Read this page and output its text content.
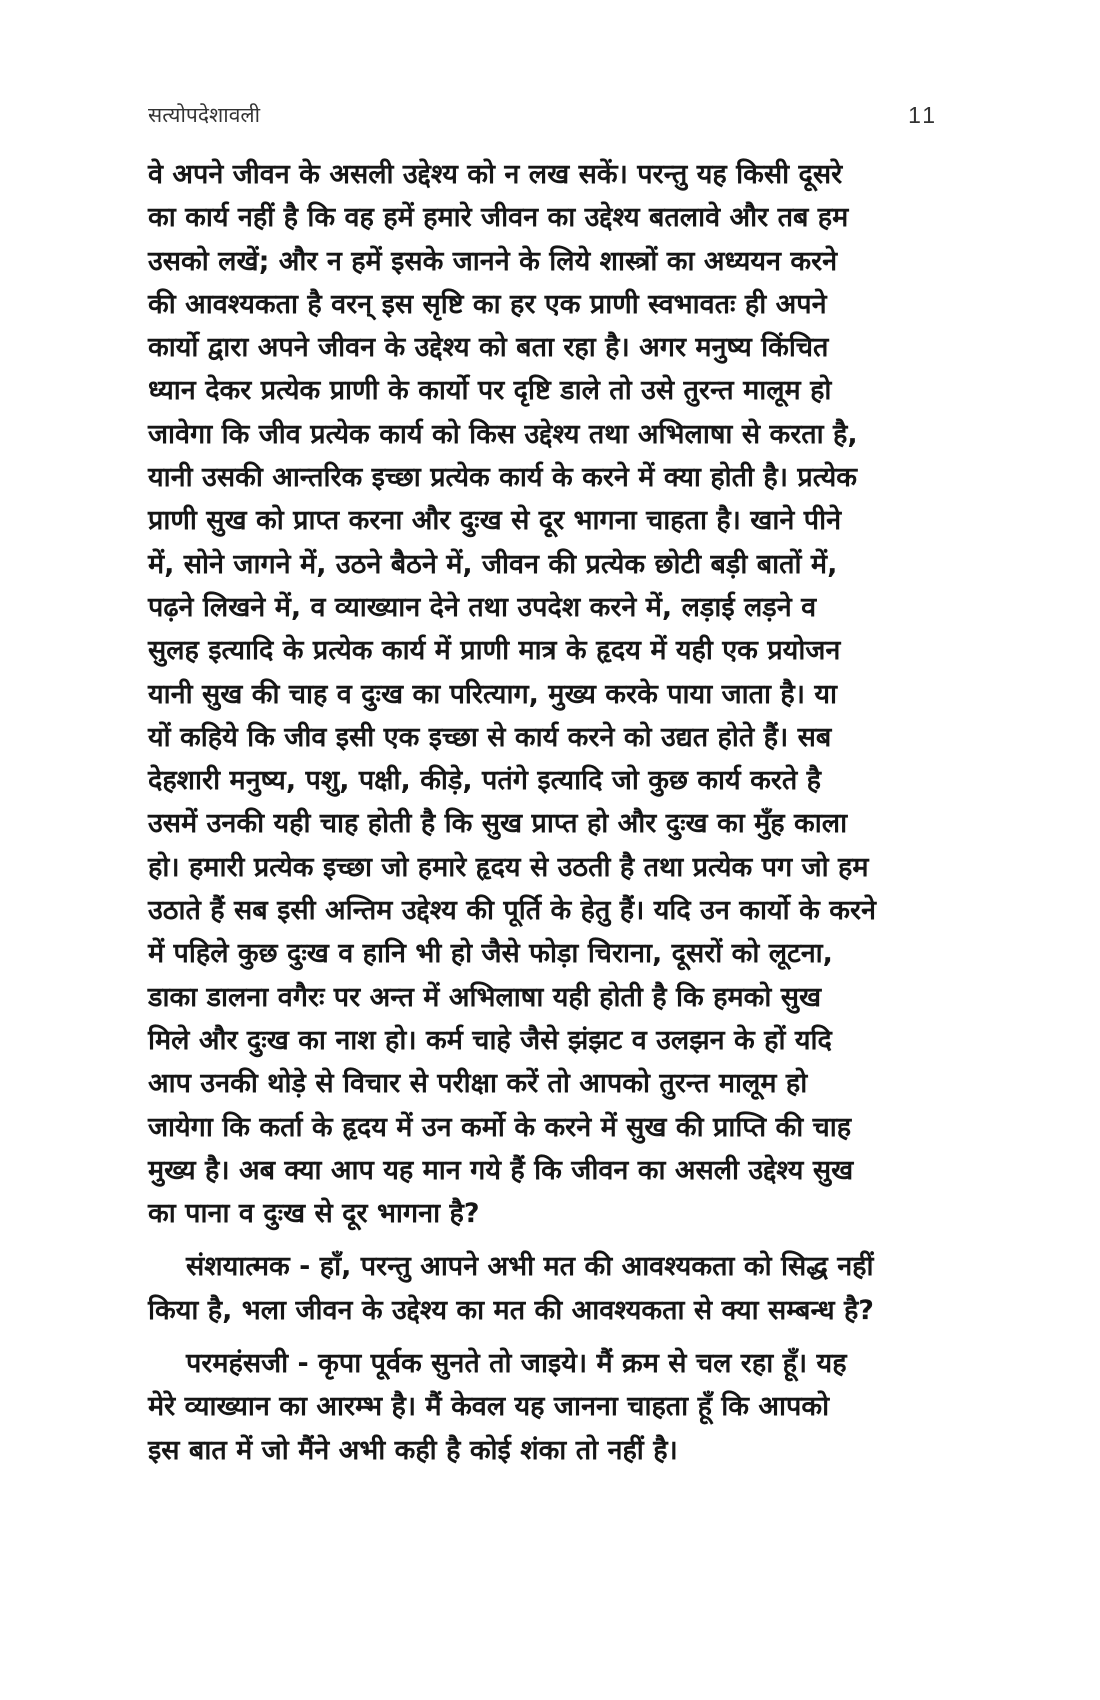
सत्योपदेशावली	11

वे अपने जीवन के असली उद्देश्य को न लख सकें। परन्तु यह किसी दूसरे
का कार्य नहीं है कि वह हमें हमारे जीवन का उद्देश्य बतलावे और तब हम
उसको लखें; और न हमें इसके जानने के लिये शास्त्रों का अध्ययन करने
की आवश्यकता है वरन् इस सृष्टि का हर एक प्राणी स्वभावतः ही अपने
कार्यो द्वारा अपने जीवन के उद्देश्य को बता रहा है। अगर मनुष्य किंचित
ध्यान देकर प्रत्येक प्राणी के कार्यो पर दृष्टि डाले तो उसे तुरन्त मालूम हो
जावेगा कि जीव प्रत्येक कार्य को किस उद्देश्य तथा अभिलाषा से करता है,
यानी उसकी आन्तरिक इच्छा प्रत्येक कार्य के करने में क्या होती है। प्रत्येक
प्राणी सुख को प्राप्त करना और दुःख से दूर भागना चाहता है। खाने पीने
में, सोने जागने में, उठने बैठने में, जीवन की प्रत्येक छोटी बड़ी बातों में,
पढ़ने लिखने में, व व्याख्यान देने तथा उपदेश करने में, लड़ाई लड़ने व
सुलह इत्यादि के प्रत्येक कार्य में प्राणी मात्र के हृदय में यही एक प्रयोजन
यानी सुख की चाह व दुःख का परित्याग, मुख्य करके पाया जाता है। या
यों कहिये कि जीव इसी एक इच्छा से कार्य करने को उद्यत होते हैं। सब
देहशारी मनुष्य, पशु, पक्षी, कीड़े, पतंगे इत्यादि जो कुछ कार्य करते है
उसमें उनकी यही चाह होती है कि सुख प्राप्त हो और दुःख का मुँह काला
हो। हमारी प्रत्येक इच्छा जो हमारे हृदय से उठती है तथा प्रत्येक पग जो हम
उठाते हैं सब इसी अन्तिम उद्देश्य की पूर्ति के हेतु हैं। यदि उन कार्यो के करने
में पहिले कुछ दुःख व हानि भी हो जैसे फोड़ा चिराना, दूसरों को लूटना,
डाका डालना वगैरः पर अन्त में अभिलाषा यही होती है कि हमको सुख
मिले और दुःख का नाश हो। कर्म चाहे जैसे झंझट व उलझन के हों यदि
आप उनकी थोड़े से विचार से परीक्षा करें तो आपको तुरन्त मालूम हो
जायेगा कि कर्ता के हृदय में उन कर्मो के करने में सुख की प्राप्ति की चाह
मुख्य है। अब क्या आप यह मान गये हैं कि जीवन का असली उद्देश्य सुख
का पाना व दुःख से दूर भागना है?

संशयात्मक - हाँ, परन्तु आपने अभी मत की आवश्यकता को सिद्ध नहीं
किया है, भला जीवन के उद्देश्य का मत की आवश्यकता से क्या सम्बन्ध है?

परमहंसजी - कृपा पूर्वक सुनते तो जाइये। मैं क्रम से चल रहा हूँ। यह
मेरे व्याख्यान का आरम्भ है। मैं केवल यह जानना चाहता हूँ कि आपको
इस बात में जो मैंने अभी कही है कोई शंका तो नहीं है।
